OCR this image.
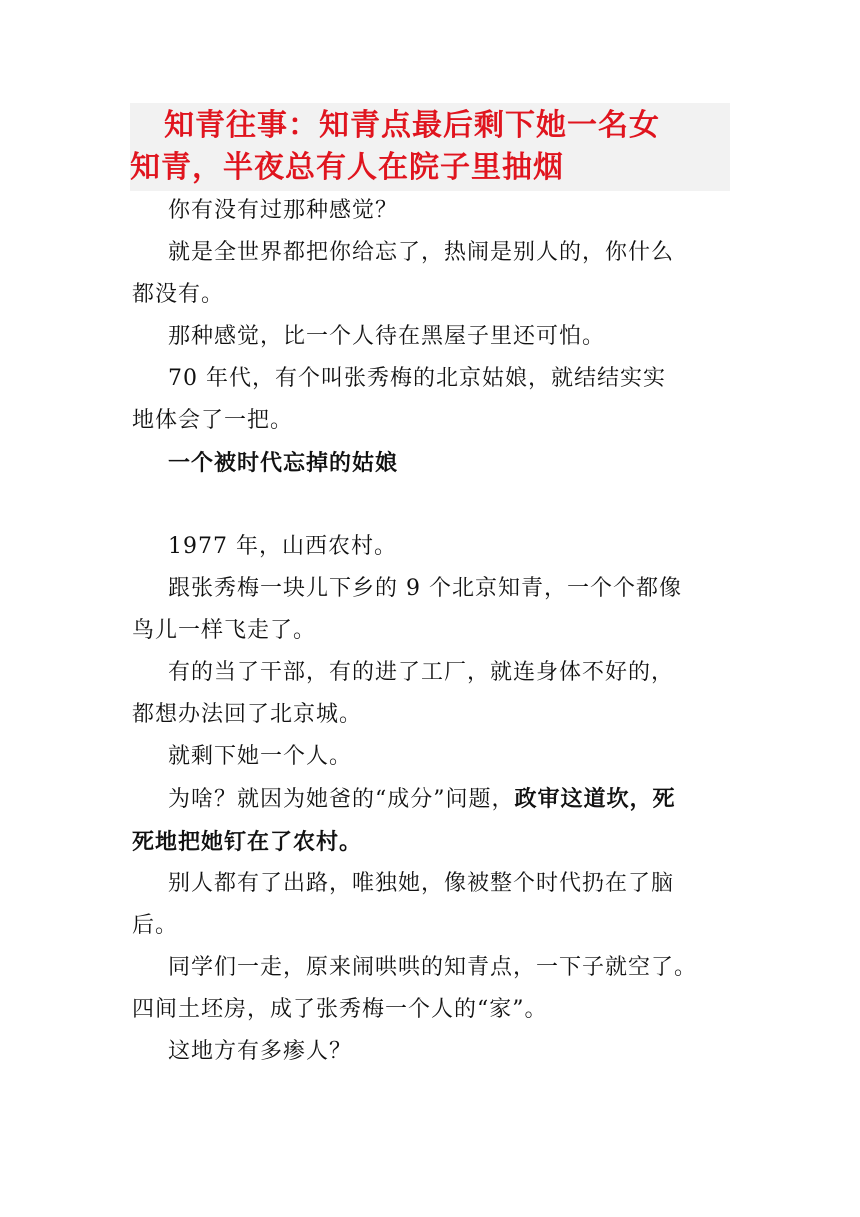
知青往事：知青点最后剩下她一名女
知青，半夜总有人在院子里抽烟

你有没有过那种感觉？

就是全世界都把你给忘了，热闹是别人的，你什么
都没有。

那种感觉，比一个人待在黑屋子里还可怕。

70 年代，有个叫张秀梅的北京姑娘，就结结实实
地体会了一把。

一个被时代忘掉的姑娘

1977 年，山西农村。

跟张秀梅一块儿下乡的 9 个北京知青，一个个都像
鸟儿一样飞走了。

有的当了干部，有的进了工厂，就连身体不好的，
都想办法回了北京城。

就剩下她一个人。

为啥？就因为她爸的“成分”问题，政审这道坎，死
死地把她钉在了农村。

别人都有了出路，唯独她，像被整个时代扔在了脑
后。

同学们一走，原来闹哄哄的知青点，一下子就空了。
四间土坯房，成了张秀梅一个人的“家”。

这地方有多瘆人？
